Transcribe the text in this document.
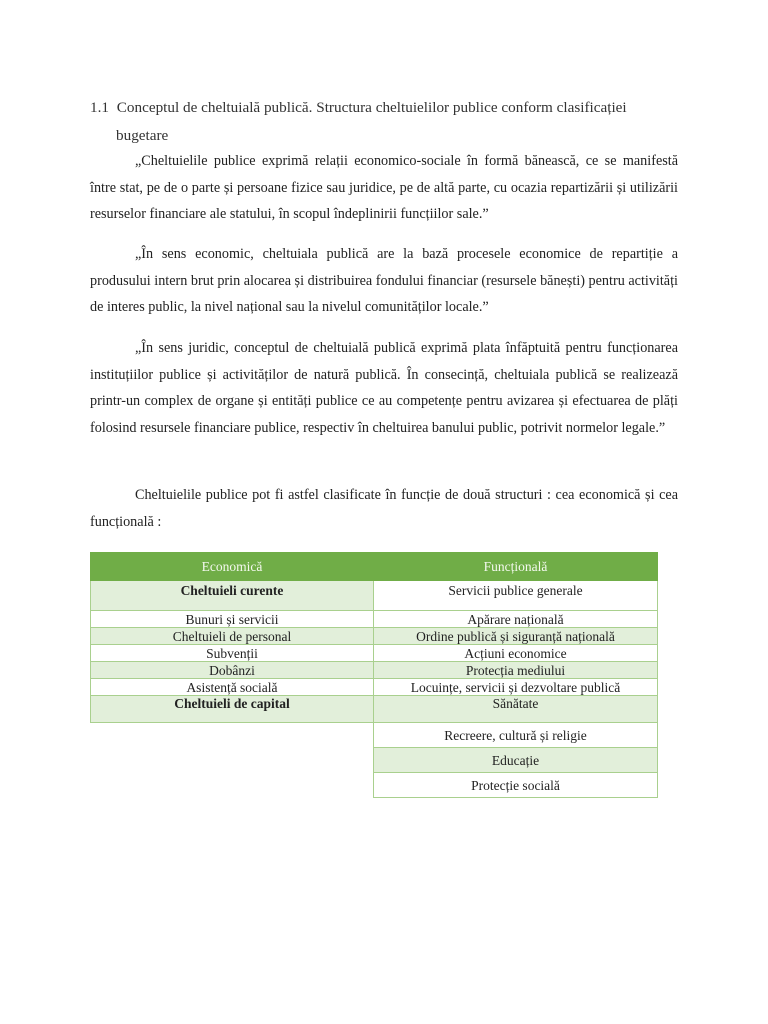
1.1 Conceptul de cheltuială publică. Structura cheltuielilor publice conform clasificației
bugetare

„Cheltuielile publice exprimă relații economico-sociale în formă bănească, ce se manifestă între stat, pe de o parte și persoane fizice sau juridice, pe de altă parte, cu ocazia repartizării și utilizării resurselor financiare ale statului, în scopul îndeplinirii funcțiilor sale.”

„În sens economic, cheltuiala publică are la bază procesele economice de repartiție a produsului intern brut prin alocarea și distribuirea fondului financiar (resursele bănești) pentru activități de interes public, la nivel național sau la nivelul comunităților locale.”

„În sens juridic, conceptul de cheltuială publică exprimă plata înfăptuită pentru funcționarea instituțiilor publice și activităților de natură publică. În consecință, cheltuiala publică se realizează printr-un complex de organe și entități publice ce au competențe pentru avizarea și efectuarea de plăți folosind resursele financiare publice, respectiv în cheltuirea banului public, potrivit normelor legale.”

Cheltuielile publice pot fi astfel clasificate în funcție de două structuri : cea economică și cea funcțională :

Economică	Funcțională
Cheltuieli curente	Servicii publice generale
Bunuri și servicii	Apărare națională
Cheltuieli de personal	Ordine publică și siguranță națională
Subvenții	Acțiuni economice
Dobânzi	Protecția mediului
Asistență socială	Locuințe, servicii și dezvoltare publică
Cheltuieli de capital	Sănătate
	Recreere, cultură și religie
	Educație
	Protecție socială
